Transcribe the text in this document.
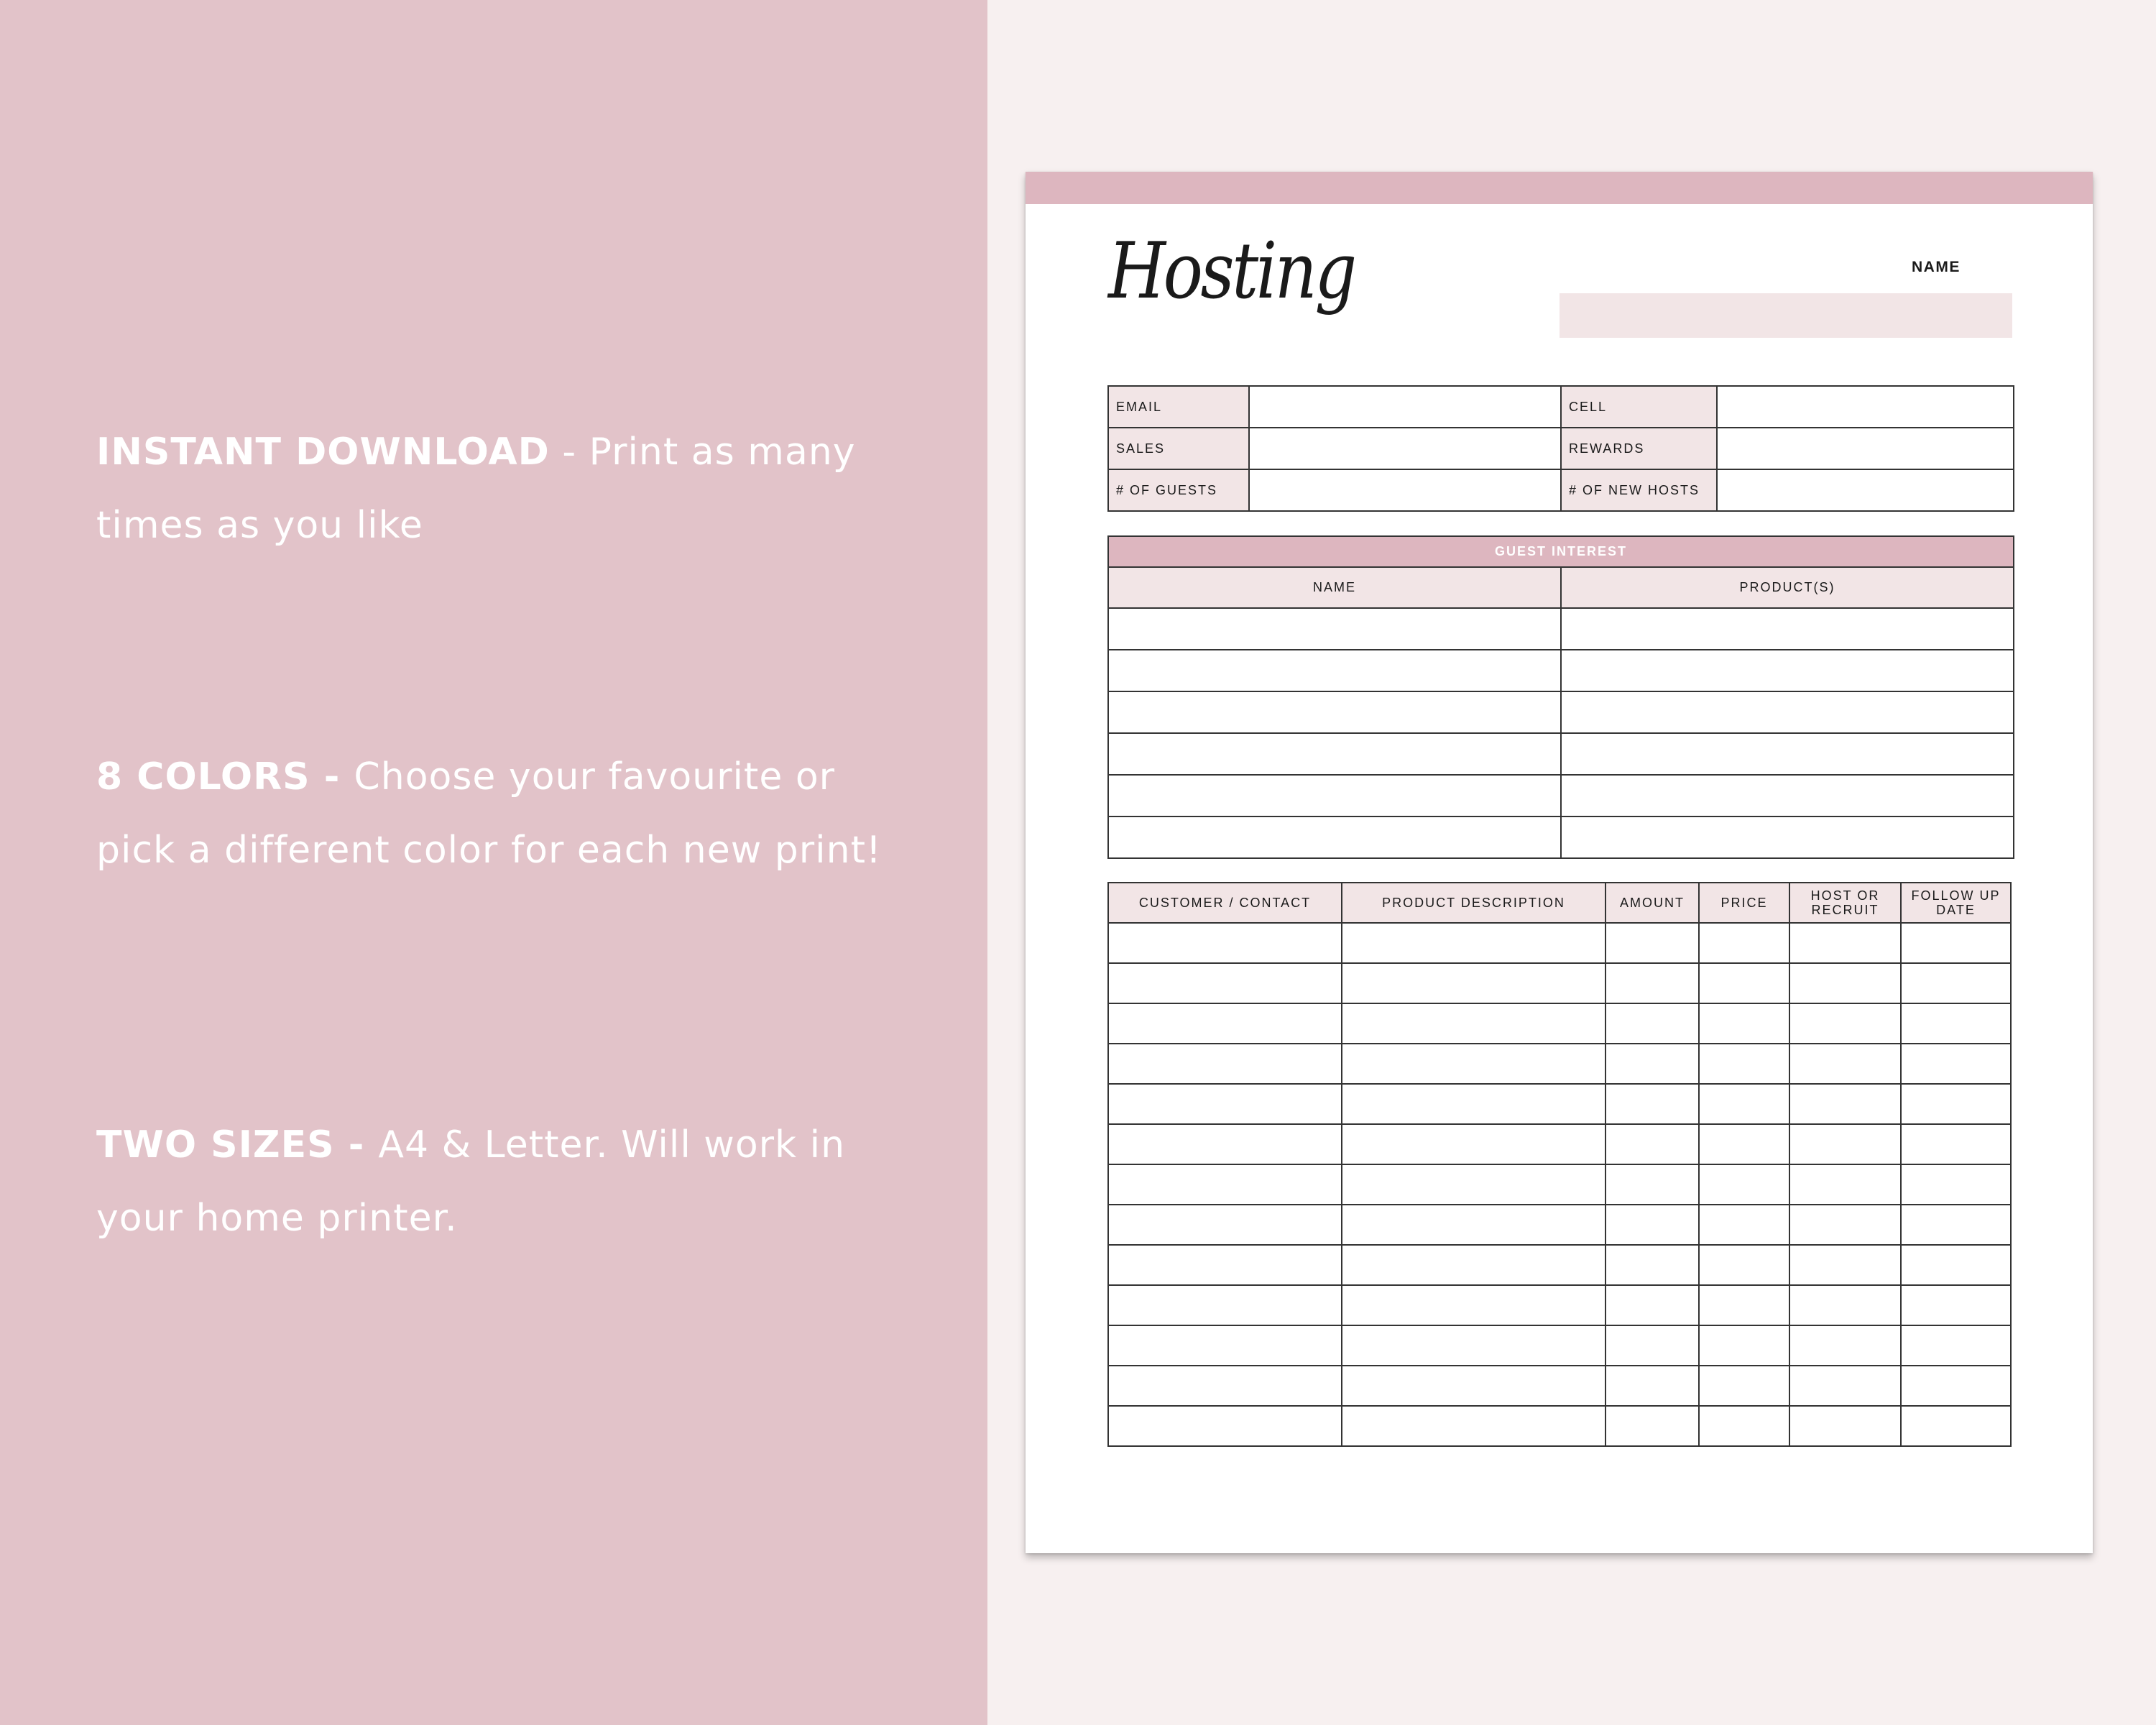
INSTANT DOWNLOAD - Print as many times as you like
8 COLORS - Choose your favourite or pick a different color for each new print!
TWO SIZES - A4 & Letter. Will work in your home printer.
Hosting	NAME
EMAIL		CELL	
SALES		REWARDS	
# OF GUESTS		# OF NEW HOSTS	
GUEST INTEREST	
NAME	PRODUCT(S)

CUSTOMER / CONTACT	PRODUCT DESCRIPTION	AMOUNT	PRICE	HOST OR RECRUIT	FOLLOW UP DATE
